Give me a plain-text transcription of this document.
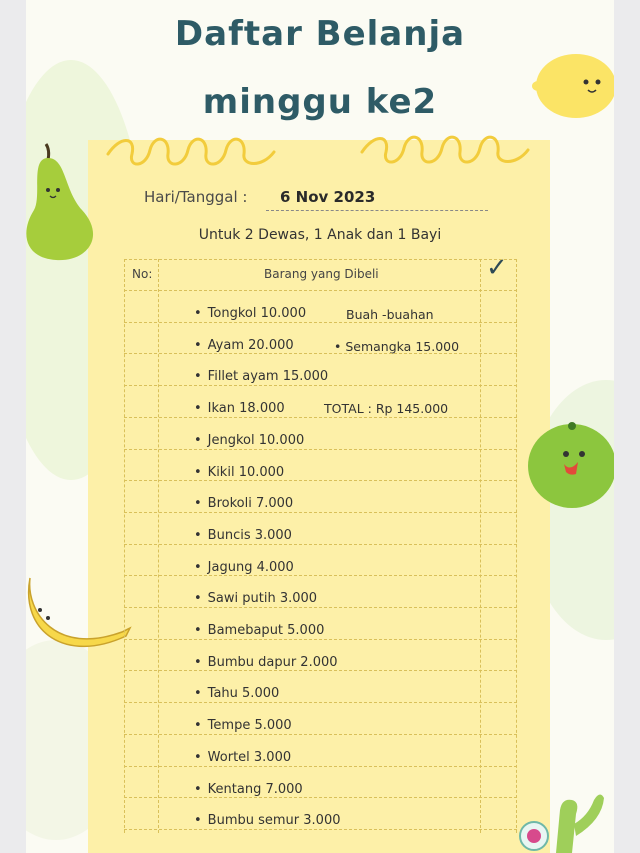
Daftar Belanja
minggu ke2
Hari/Tanggal : 6 Nov 2023
Untuk 2 Dewas, 1 Anak dan 1 Bayi
No:	Barang yang Dibeli	✓
Buah -buahan
• Semangka 15.000
TOTAL : Rp 145.000
• Tongkol 10.000
• Ayam 20.000
• Fillet ayam 15.000
• Ikan 18.000
• Jengkol 10.000
• Kikil 10.000
• Brokoli 7.000
• Buncis 3.000
• Jagung 4.000
• Sawi putih 3.000
• Bamebaput 5.000
• Bumbu dapur 2.000
• Tahu 5.000
• Tempe 5.000
• Wortel 3.000
• Kentang 7.000
• Bumbu semur 3.000
